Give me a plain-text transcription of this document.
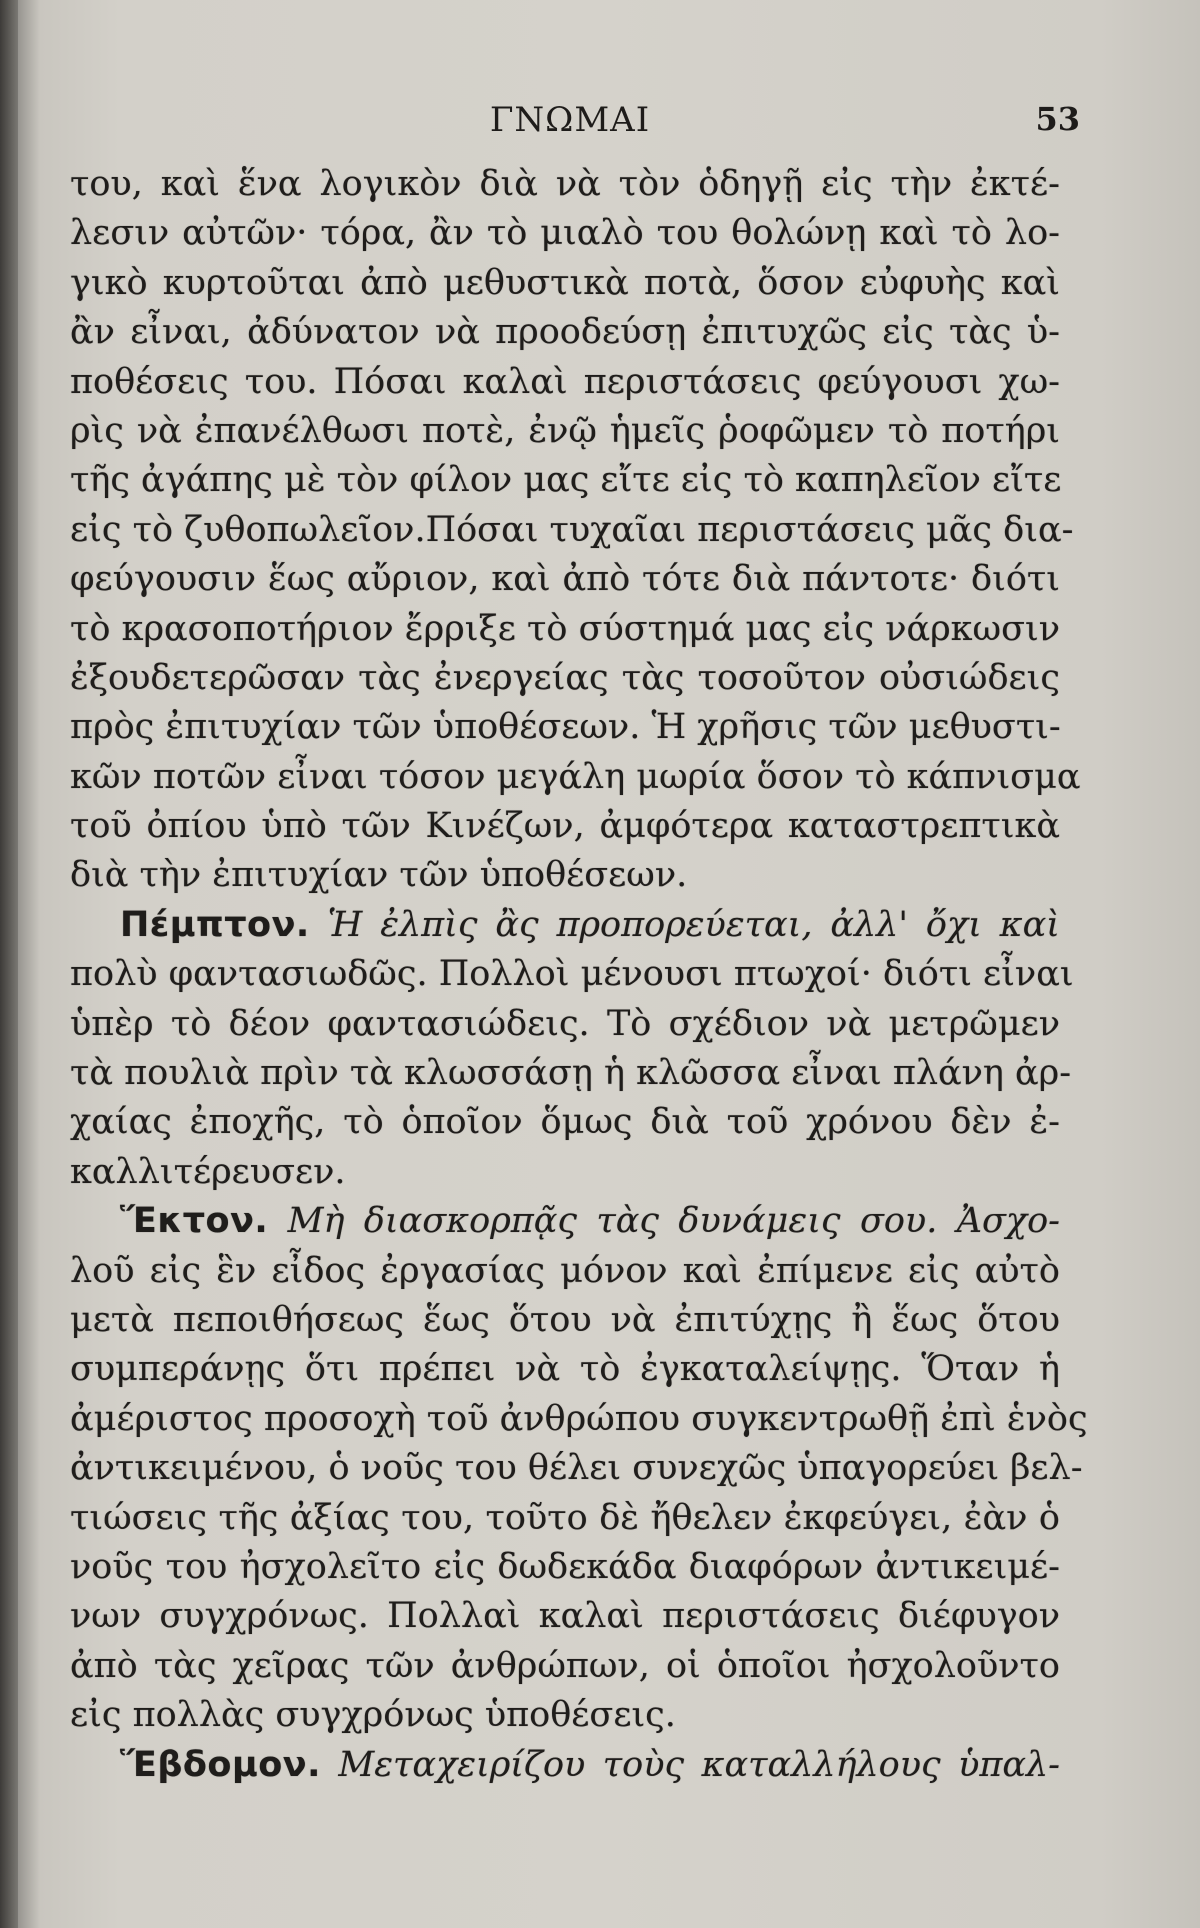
ΓΝΩΜΑΙ	53
του, καὶ ἕνα λογικὸν διὰ νὰ τὸν ὁδηγῇ εἰς τὴν ἐκτέ-
λεσιν αὐτῶν· τόρα, ἂν τὸ μιαλὸ του θολώνῃ καὶ τὸ λο-
γικὸ κυρτοῦται ἀπὸ μεθυστικὰ ποτὰ, ὅσον εὐφυὴς καὶ
ἂν εἶναι, ἀδύνατον νὰ προοδεύσῃ ἐπιτυχῶς εἰς τὰς ὑ-
ποθέσεις του. Πόσαι καλαὶ περιστάσεις φεύγουσι χω-
ρὶς νὰ ἐπανέλθωσι ποτὲ, ἐνῷ ἡμεῖς ῥοφῶμεν τὸ ποτήρι
τῆς ἀγάπης μὲ τὸν φίλον μας εἴτε εἰς τὸ καπηλεῖον εἴτε
εἰς τὸ ζυθοπωλεῖον.Πόσαι τυχαῖαι περιστάσεις μᾶς δια-
φεύγουσιν ἕως αὔριον, καὶ ἀπὸ τότε διὰ πάντοτε· διότι
τὸ κρασοποτήριον ἔρριξε τὸ σύστημά μας εἰς νάρκωσιν
ἐξουδετερῶσαν τὰς ἐνεργείας τὰς τοσοῦτον οὐσιώδεις
πρὸς ἐπιτυχίαν τῶν ὑποθέσεων. Ἡ χρῆσις τῶν μεθυστι-
κῶν ποτῶν εἶναι τόσον μεγάλη μωρία ὅσον τὸ κάπνισμα
τοῦ ὀπίου ὑπὸ τῶν Κινέζων, ἀμφότερα καταστρεπτικὰ
διὰ τὴν ἐπιτυχίαν τῶν ὑποθέσεων.
Πέμπτον. Ἡ ἐλπὶς ἂς προπορεύεται, ἀλλ' ὄχι καὶ
πολὺ φαντασιωδῶς. Πολλοὶ μένουσι πτωχοί· διότι εἶναι
ὑπὲρ τὸ δέον φαντασιώδεις. Τὸ σχέδιον νὰ μετρῶμεν
τὰ πουλιὰ πρὶν τὰ κλωσσάσῃ ἡ κλῶσσα εἶναι πλάνη ἀρ-
χαίας ἐποχῆς, τὸ ὁποῖον ὅμως διὰ τοῦ χρόνου δὲν ἐ-
καλλιτέρευσεν.
Ἕκτον. Μὴ διασκορπᾷς τὰς δυνάμεις σου. Ἀσχο-
λοῦ εἰς ἓν εἶδος ἐργασίας μόνον καὶ ἐπίμενε εἰς αὐτὸ
μετὰ πεποιθήσεως ἕως ὅτου νὰ ἐπιτύχῃς ἢ ἕως ὅτου
συμπεράνῃς ὅτι πρέπει νὰ τὸ ἐγκαταλείψῃς. Ὅταν ἡ
ἀμέριστος προσοχὴ τοῦ ἀνθρώπου συγκεντρωθῇ ἐπὶ ἑνὸς
ἀντικειμένου, ὁ νοῦς του θέλει συνεχῶς ὑπαγορεύει βελ-
τιώσεις τῆς ἀξίας του, τοῦτο δὲ ἤθελεν ἐκφεύγει, ἐὰν ὁ
νοῦς του ἠσχολεῖτο εἰς δωδεκάδα διαφόρων ἀντικειμέ-
νων συγχρόνως. Πολλαὶ καλαὶ περιστάσεις διέφυγον
ἀπὸ τὰς χεῖρας τῶν ἀνθρώπων, οἱ ὁποῖοι ἠσχολοῦντο
εἰς πολλὰς συγχρόνως ὑποθέσεις.
Ἕβδομον. Μεταχειρίζου τοὺς καταλλήλους ὑπαλ-
